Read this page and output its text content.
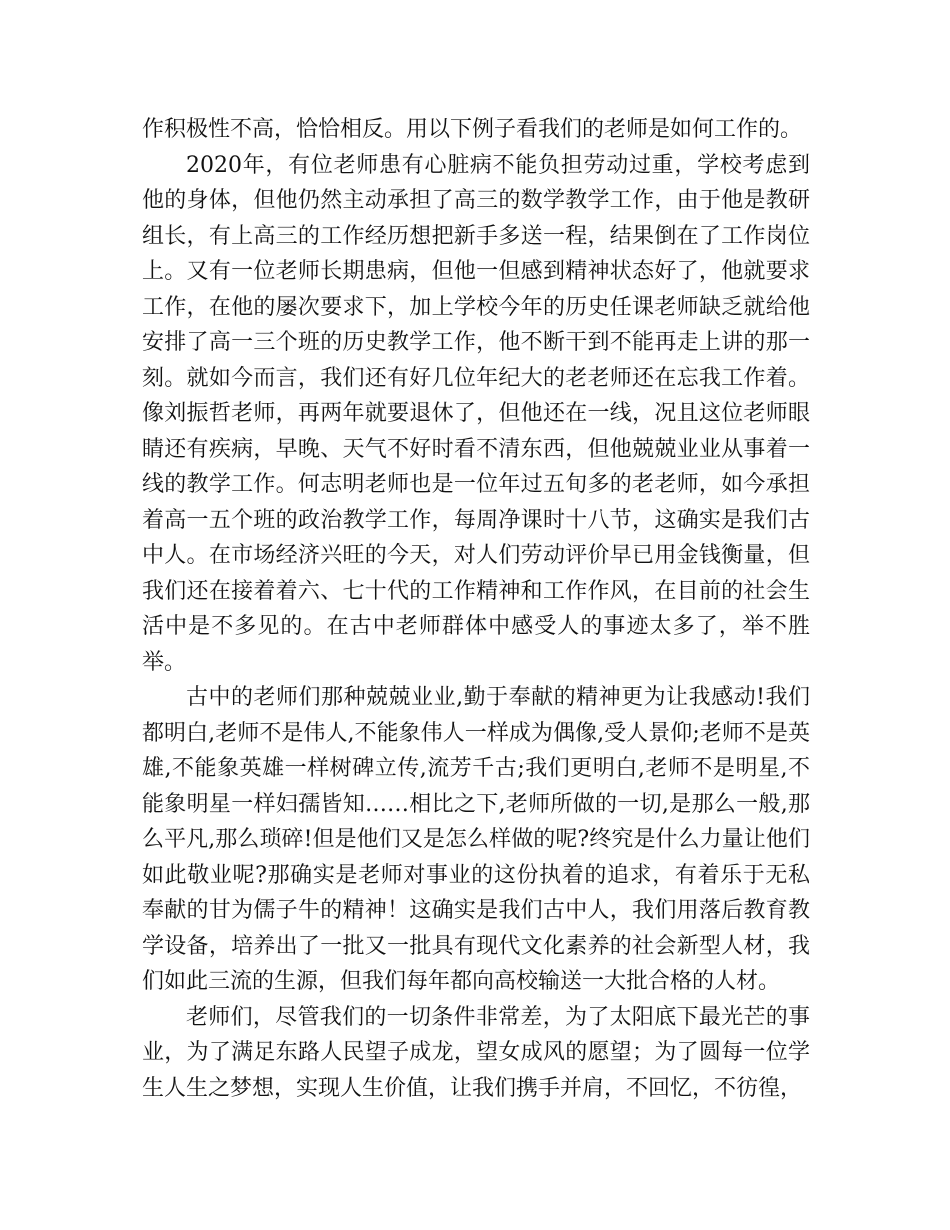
作积极性不高，恰恰相反。用以下例子看我们的老师是如何工作的。

2020年，有位老师患有心脏病不能负担劳动过重，学校考虑到他的身体，但他仍然主动承担了高三的数学教学工作，由于他是教研组长，有上高三的工作经历想把新手多送一程，结果倒在了工作岗位上。又有一位老师长期患病，但他一但感到精神状态好了，他就要求工作，在他的屡次要求下，加上学校今年的历史任课老师缺乏就给他安排了高一三个班的历史教学工作，他不断干到不能再走上讲的那一刻。就如今而言，我们还有好几位年纪大的老老师还在忘我工作着。像刘振哲老师，再两年就要退休了，但他还在一线，况且这位老师眼睛还有疾病，早晚、天气不好时看不清东西，但他兢兢业业从事着一线的教学工作。何志明老师也是一位年过五旬多的老老师，如今承担着高一五个班的政治教学工作，每周净课时十八节，这确实是我们古中人。在市场经济兴旺的今天，对人们劳动评价早已用金钱衡量，但我们还在接着着六、七十代的工作精神和工作作风，在目前的社会生活中是不多见的。在古中老师群体中感受人的事迹太多了，举不胜举。

古中的老师们那种兢兢业业,勤于奉献的精神更为让我感动!我们都明白,老师不是伟人,不能象伟人一样成为偶像,受人景仰;老师不是英雄,不能象英雄一样树碑立传,流芳千古;我们更明白,老师不是明星,不能象明星一样妇孺皆知……相比之下,老师所做的一切,是那么一般,那么平凡,那么琐碎!但是他们又是怎么样做的呢?终究是什么力量让他们如此敬业呢?那确实是老师对事业的这份执着的追求，有着乐于无私奉献的甘为儒子牛的精神！这确实是我们古中人，我们用落后教育教学设备，培养出了一批又一批具有现代文化素养的社会新型人材，我们如此三流的生源，但我们每年都向高校输送一大批合格的人材。

老师们，尽管我们的一切条件非常差，为了太阳底下最光芒的事业，为了满足东路人民望子成龙，望女成风的愿望；为了圆每一位学生人生之梦想，实现人生价值，让我们携手并肩，不回忆，不彷徨，
